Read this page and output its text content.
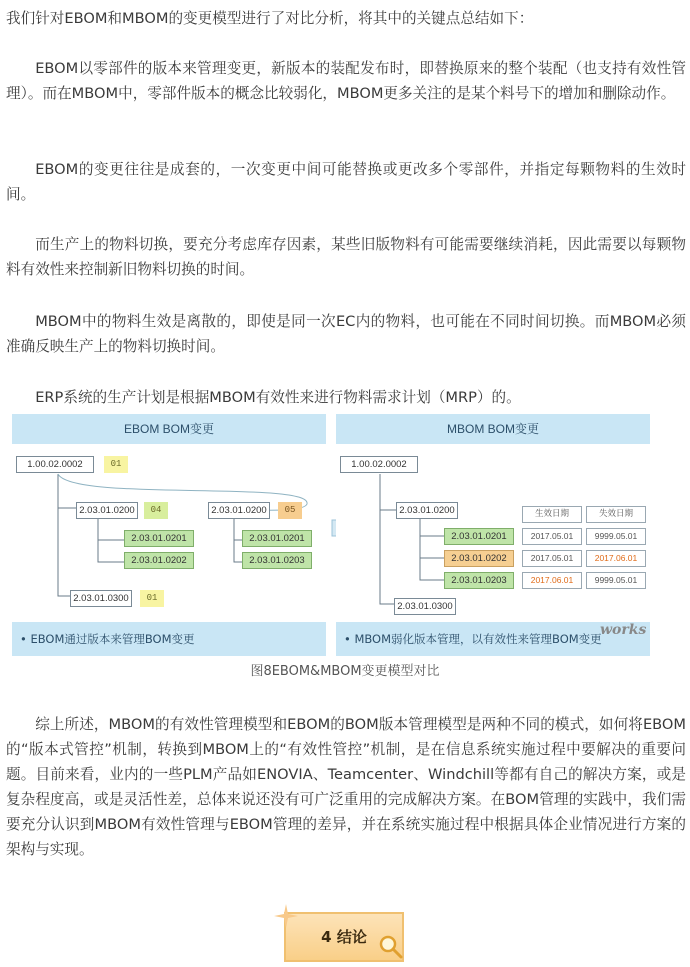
我们针对EBOM和MBOM的变更模型进行了对比分析，将其中的关键点总结如下：
EBOM以零部件的版本来管理变更，新版本的装配发布时，即替换原来的整个装配（也支持有效性管理）。而在MBOM中，零部件版本的概念比较弱化，MBOM更多关注的是某个料号下的增加和删除动作。
EBOM的变更往往是成套的，一次变更中间可能替换或更改多个零部件，并指定每颗物料的生效时间。
而生产上的物料切换，要充分考虑库存因素，某些旧版物料有可能需要继续消耗，因此需要以每颗物料有效性来控制新旧物料切换的时间。
MBOM中的物料生效是离散的，即使是同一次EC内的物料，也可能在不同时间切换。而MBOM必须准确反映生产上的物料切换时间。
ERP系统的生产计划是根据MBOM有效性来进行物料需求计划（MRP）的。
EBOM BOM变更
1.00.02.0002	01
2.03.01.0200	04
2.03.01.0201
2.03.01.0202
2.03.01.0200	05
2.03.01.0201
2.03.01.0203
2.03.01.0300	01
• EBOM通过版本来管理BOM变更
MBOM BOM变更
1.00.02.0002
2.03.01.0200
2.03.01.0201
2.03.01.0202
2.03.01.0203
生效日期	失效日期
2017.05.01	9999.05.01
2017.05.01	2017.06.01
2017.06.01	9999.05.01
2.03.01.0300
• MBOM弱化版本管理，以有效性来管理BOM变更
works
图8EBOM&MBOM变更模型对比
综上所述，MBOM的有效性管理模型和EBOM的BOM版本管理模型是两种不同的模式，如何将EBOM的“版本式管控”机制，转换到MBOM上的“有效性管控”机制，是在信息系统实施过程中要解决的重要问题。目前来看，业内的一些PLM产品如ENOVIA、Teamcenter、Windchill等都有自己的解决方案，或是复杂程度高，或是灵活性差，总体来说还没有可广泛重用的完成解决方案。在BOM管理的实践中，我们需要充分认识到MBOM有效性管理与EBOM管理的差异，并在系统实施过程中根据具体企业情况进行方案的架构与实现。
4 结论
